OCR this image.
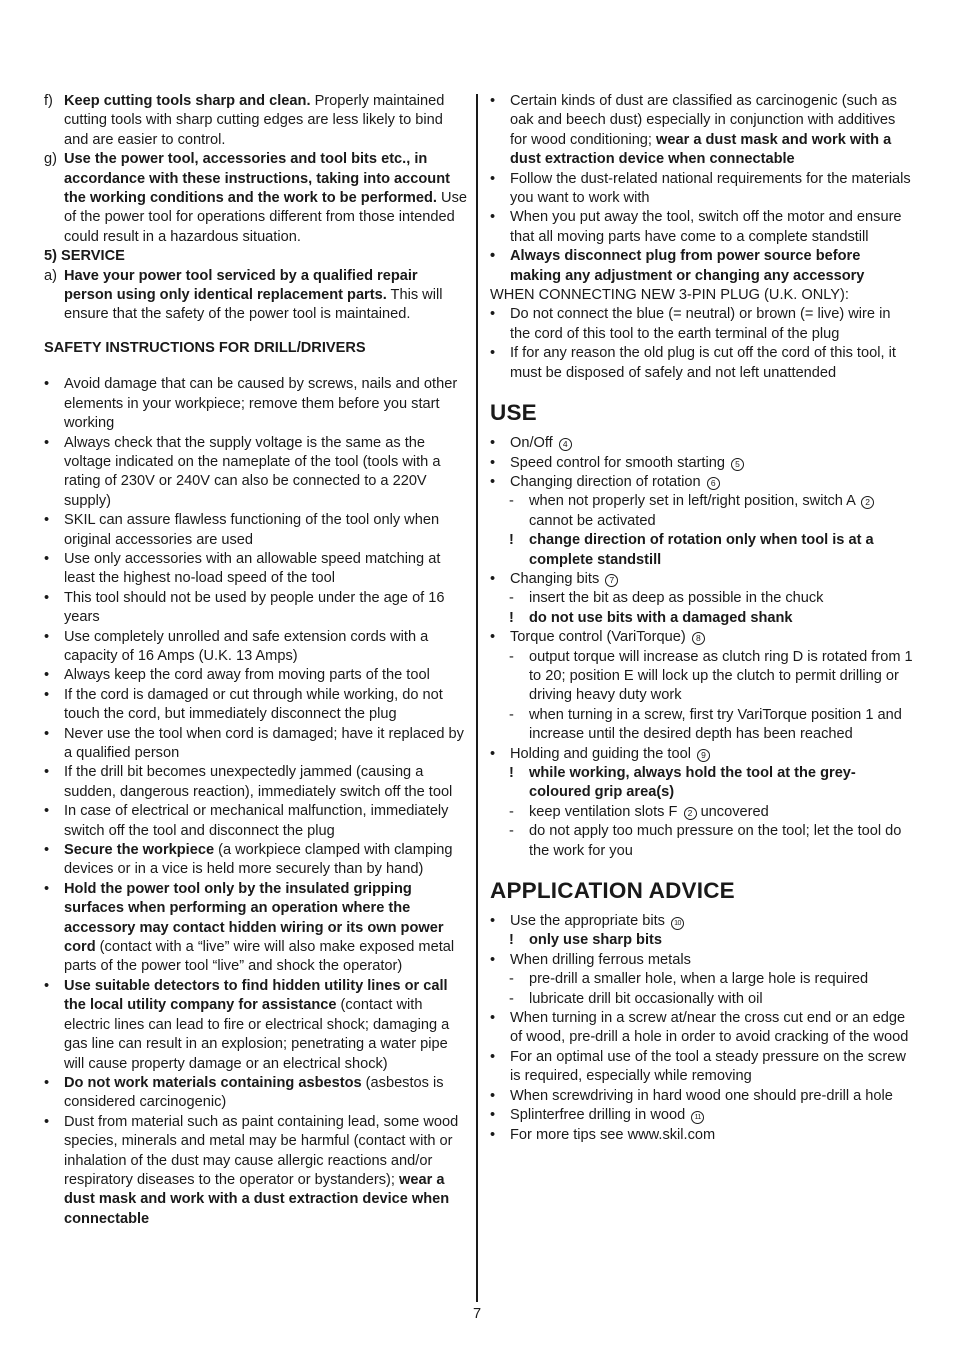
f) Keep cutting tools sharp and clean. Properly maintained cutting tools with sharp cutting edges are less likely to bind and are easier to control.
g) Use the power tool, accessories and tool bits etc., in accordance with these instructions, taking into account the working conditions and the work to be performed. Use of the power tool for operations different from those intended could result in a hazardous situation.
5) SERVICE
a) Have your power tool serviced by a qualified repair person using only identical replacement parts. This will ensure that the safety of the power tool is maintained.
SAFETY INSTRUCTIONS FOR DRILL/DRIVERS
•	Avoid damage that can be caused by screws, nails and other elements in your workpiece; remove them before you start working
•	Always check that the supply voltage is the same as the voltage indicated on the nameplate of the tool (tools with a rating of 230V or 240V can also be connected to a 220V supply)
•	SKIL can assure flawless functioning of the tool only when original accessories are used
•	Use only accessories with an allowable speed matching at least the highest no-load speed of the tool
•	This tool should not be used by people under the age of 16 years
•	Use completely unrolled and safe extension cords with a capacity of 16 Amps (U.K. 13 Amps)
•	Always keep the cord away from moving parts of the tool
•	If the cord is damaged or cut through while working, do not touch the cord, but immediately disconnect the plug
•	Never use the tool when cord is damaged; have it replaced by a qualified person
•	If the drill bit becomes unexpectedly jammed (causing a sudden, dangerous reaction), immediately switch off the tool
•	In case of electrical or mechanical malfunction, immediately switch off the tool and disconnect the plug
•	Secure the workpiece (a workpiece clamped with clamping devices or in a vice is held more securely than by hand)
•	Hold the power tool only by the insulated gripping surfaces when performing an operation where the accessory may contact hidden wiring or its own power cord (contact with a “live” wire will also make exposed metal parts of the power tool “live” and shock the operator)
•	Use suitable detectors to find hidden utility lines or call the local utility company for assistance (contact with electric lines can lead to fire or electrical shock; damaging a gas line can result in an explosion; penetrating a water pipe will cause property damage or an electrical shock)
•	Do not work materials containing asbestos (asbestos is considered carcinogenic)
•	Dust from material such as paint containing lead, some wood species, minerals and metal may be harmful (contact with or inhalation of the dust may cause allergic reactions and/or respiratory diseases to the operator or bystanders); wear a dust mask and work with a dust extraction device when connectable
•	Certain kinds of dust are classified as carcinogenic (such as oak and beech dust) especially in conjunction with additives for wood conditioning; wear a dust mask and work with a dust extraction device when connectable
•	Follow the dust-related national requirements for the materials you want to work with
•	When you put away the tool, switch off the motor and ensure that all moving parts have come to a complete standstill
•	Always disconnect plug from power source before making any adjustment or changing any accessory
WHEN CONNECTING NEW 3-PIN PLUG (U.K. ONLY):
•	Do not connect the blue (= neutral) or brown (= live) wire in the cord of this tool to the earth terminal of the plug
•	If for any reason the old plug is cut off the cord of this tool, it must be disposed of safely and not left unattended
USE
•	On/Off 4
•	Speed control for smooth starting 5
•	Changing direction of rotation 6
-	when not properly set in left/right position, switch A 2 cannot be activated
!	change direction of rotation only when tool is at a complete standstill
•	Changing bits 7
-	insert the bit as deep as possible in the chuck
!	do not use bits with a damaged shank
•	Torque control (VariTorque) 8
-	output torque will increase as clutch ring D is rotated from 1 to 20; position E will lock up the clutch to permit drilling or driving heavy duty work
-	when turning in a screw, first try VariTorque position 1 and increase until the desired depth has been reached
•	Holding and guiding the tool 9
!	while working, always hold the tool at the grey-coloured grip area(s)
-	keep ventilation slots F 2 uncovered
-	do not apply too much pressure on the tool; let the tool do the work for you
APPLICATION ADVICE
•	Use the appropriate bits 10
!	only use sharp bits
•	When drilling ferrous metals
-	pre-drill a smaller hole, when a large hole is required
-	lubricate drill bit occasionally with oil
•	When turning in a screw at/near the cross cut end or an edge of wood, pre-drill a hole in order to avoid cracking of the wood
•	For an optimal use of the tool a steady pressure on the screw is required, especially while removing
•	When screwdriving in hard wood one should pre-drill a hole
•	Splinterfree drilling in wood 11
•	For more tips see www.skil.com
7
